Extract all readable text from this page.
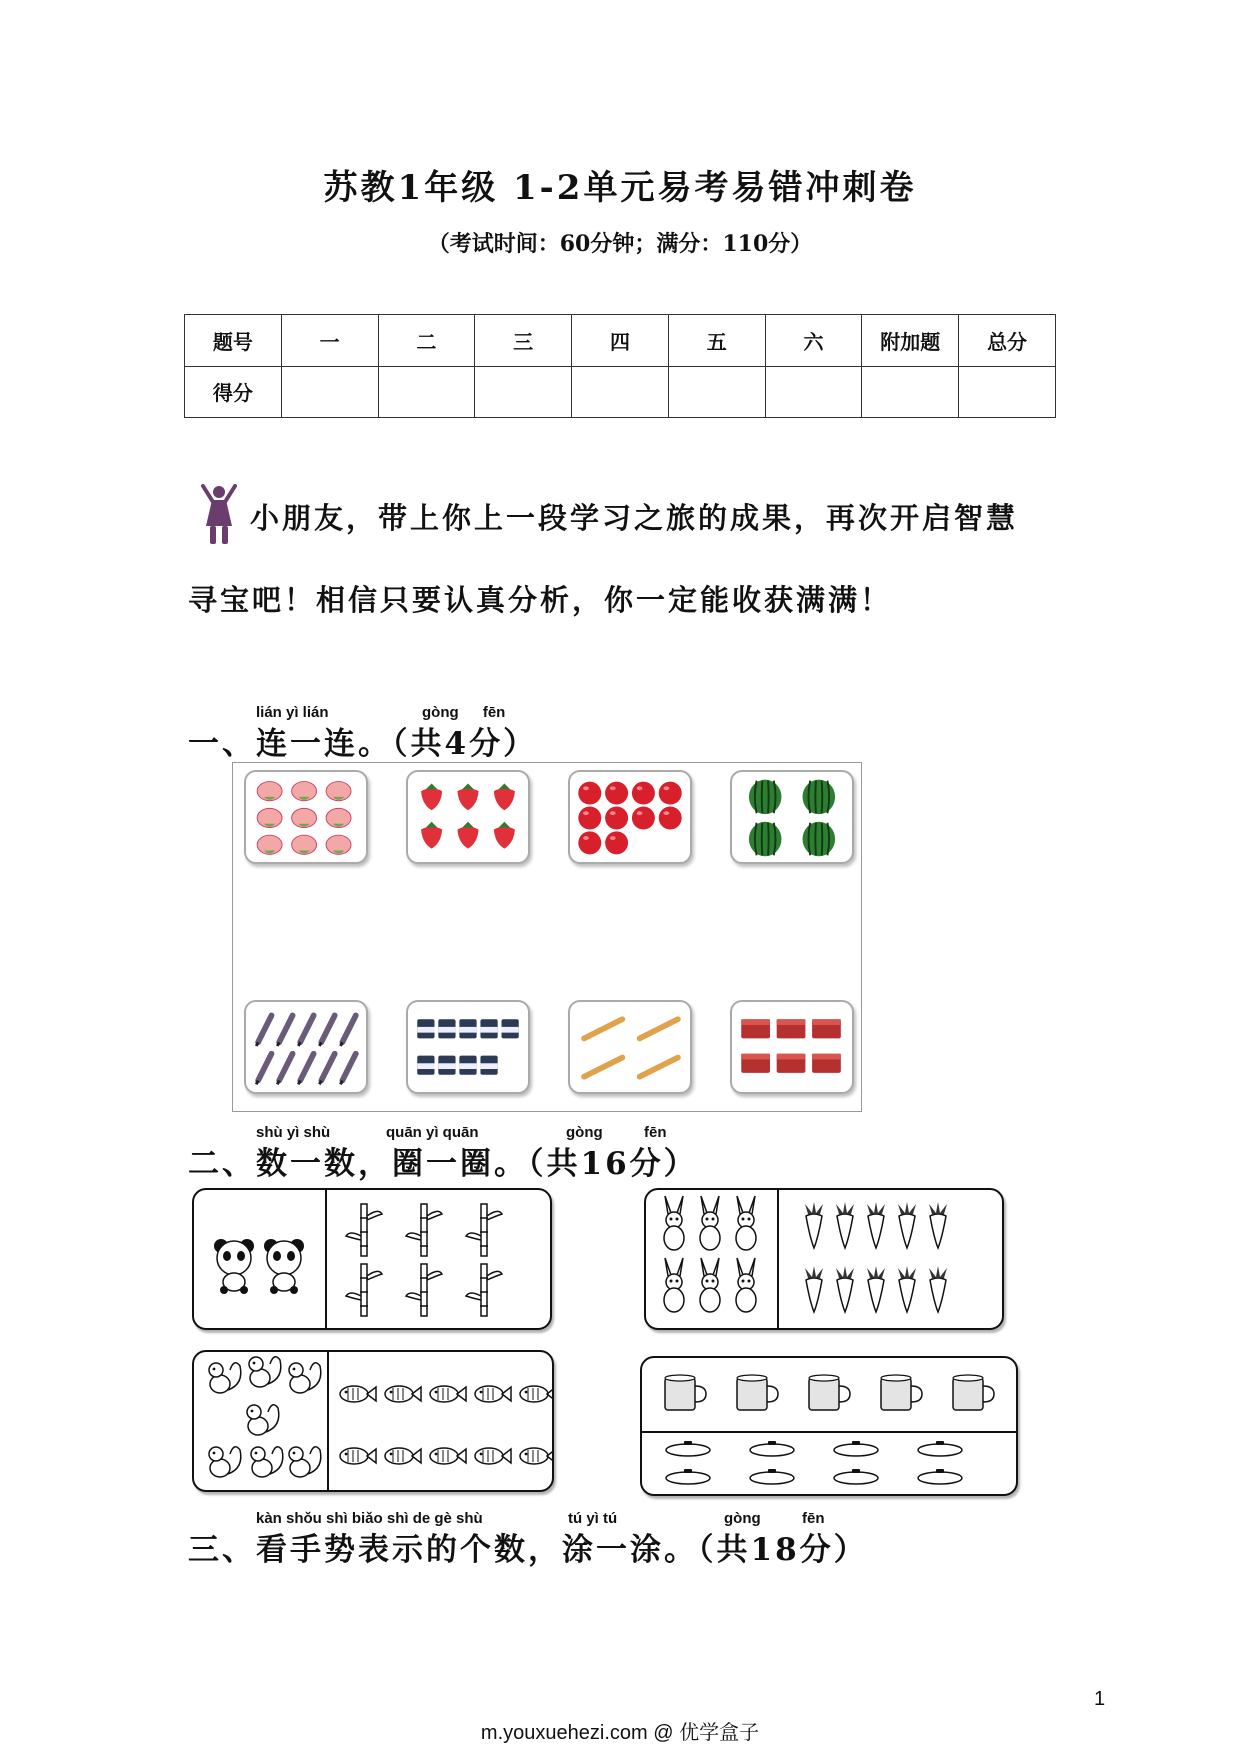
苏教1年级 1-2单元易考易错冲刺卷
（考试时间：60分钟；满分：110分）
题号	一	二	三	四	五	六	附加题	总分
得分								
小朋友，带上你上一段学习之旅的成果，再次开启智慧
寻宝吧！相信只要认真分析，你一定能收获满满！
lián yì lián	gòng fēn
一、连一连。（共4分）
shù yì shù	quān yì quān	gòng	fēn
二、数一数，圈一圈。（共16分）
kàn shǒu shì biǎo shì de gè shù	tú yì tú	gòng	fēn
三、看手势表示的个数，涂一涂。（共18分）
1
m.youxuehezi.com @ 优学盒子
